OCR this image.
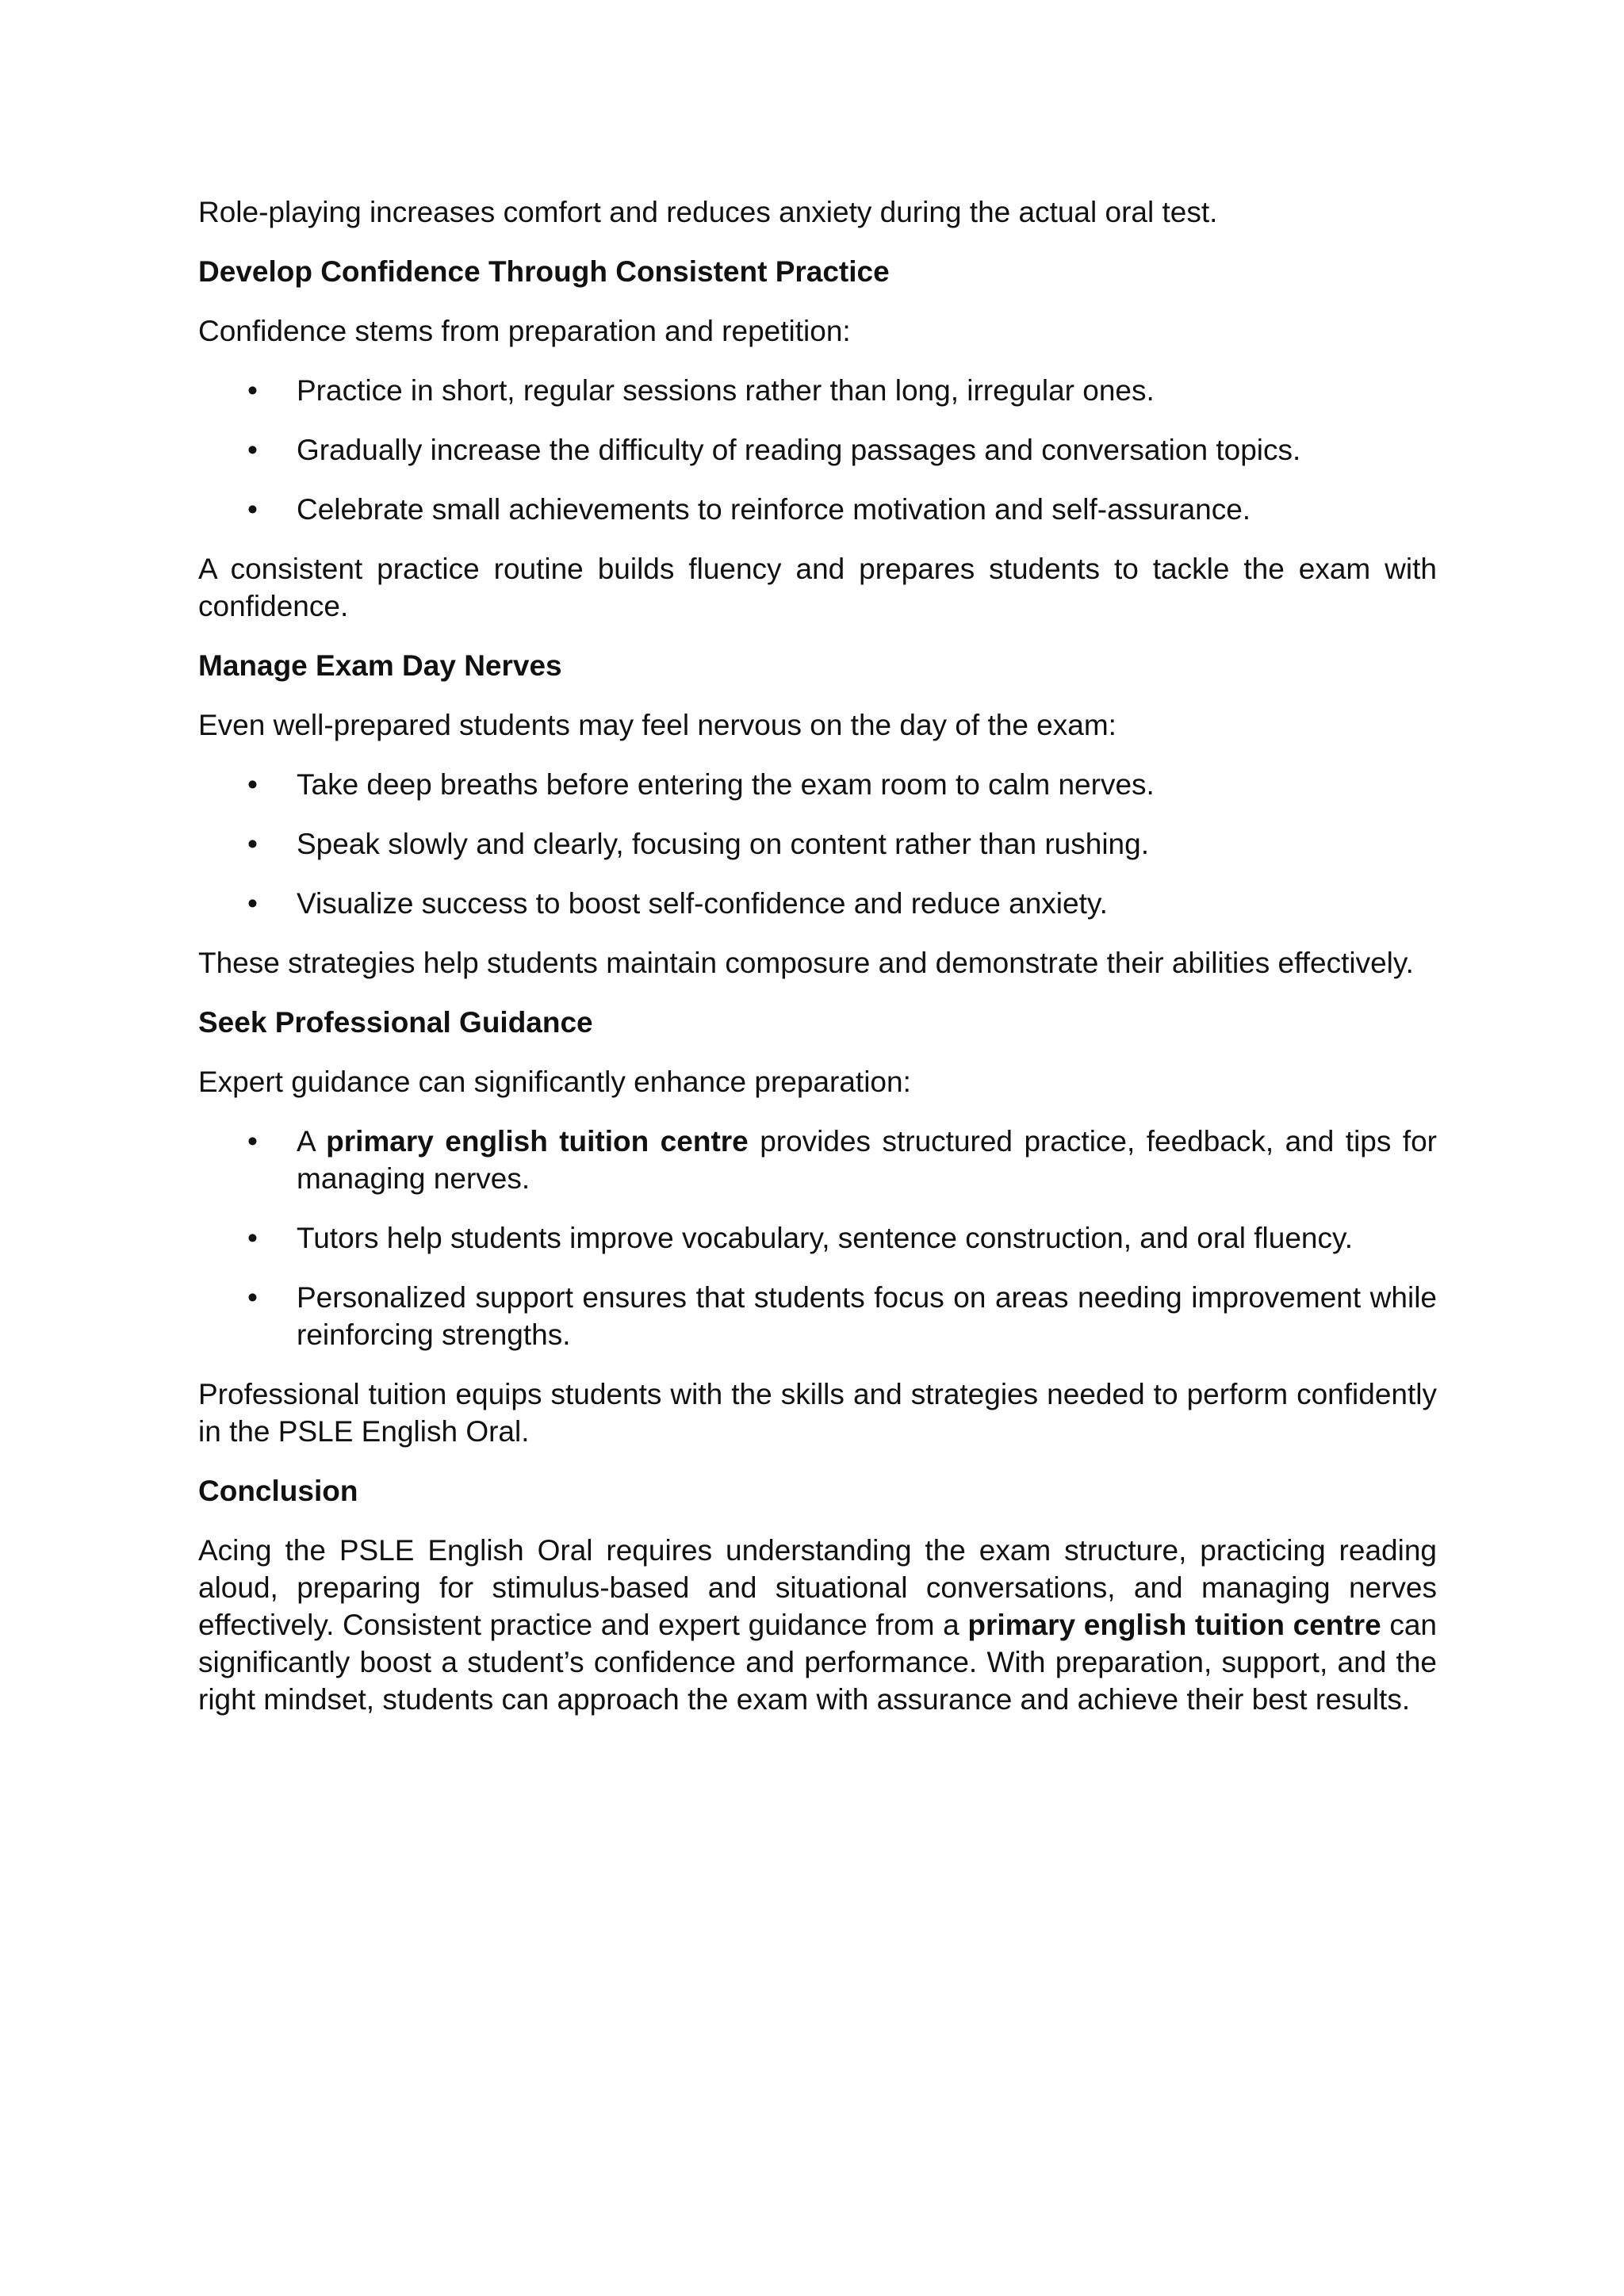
Role-playing increases comfort and reduces anxiety during the actual oral test.

Develop Confidence Through Consistent Practice

Confidence stems from preparation and repetition:

• Practice in short, regular sessions rather than long, irregular ones.
• Gradually increase the difficulty of reading passages and conversation topics.
• Celebrate small achievements to reinforce motivation and self-assurance.

A consistent practice routine builds fluency and prepares students to tackle the exam with confidence.

Manage Exam Day Nerves

Even well-prepared students may feel nervous on the day of the exam:

• Take deep breaths before entering the exam room to calm nerves.
• Speak slowly and clearly, focusing on content rather than rushing.
• Visualize success to boost self-confidence and reduce anxiety.

These strategies help students maintain composure and demonstrate their abilities effectively.

Seek Professional Guidance

Expert guidance can significantly enhance preparation:

• A primary english tuition centre provides structured practice, feedback, and tips for managing nerves.
• Tutors help students improve vocabulary, sentence construction, and oral fluency.
• Personalized support ensures that students focus on areas needing improvement while reinforcing strengths.

Professional tuition equips students with the skills and strategies needed to perform confidently in the PSLE English Oral.

Conclusion

Acing the PSLE English Oral requires understanding the exam structure, practicing reading aloud, preparing for stimulus-based and situational conversations, and managing nerves effectively. Consistent practice and expert guidance from a primary english tuition centre can significantly boost a student’s confidence and performance. With preparation, support, and the right mindset, students can approach the exam with assurance and achieve their best results.
